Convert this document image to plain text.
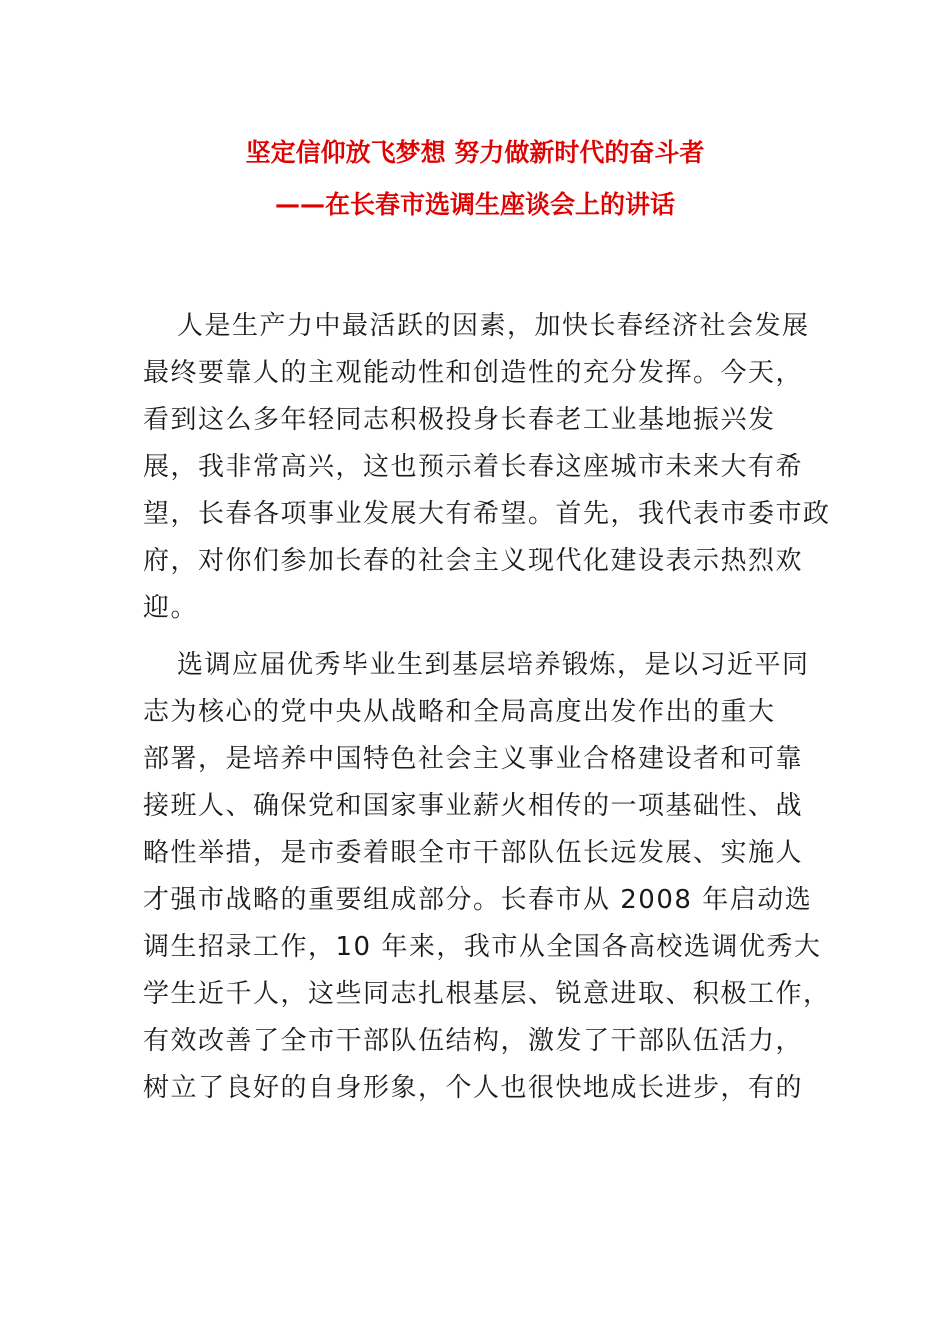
坚定信仰放飞梦想 努力做新时代的奋斗者
——在长春市选调生座谈会上的讲话
人是生产力中最活跃的因素，加快长春经济社会发展
最终要靠人的主观能动性和创造性的充分发挥。今天，
看到这么多年轻同志积极投身长春老工业基地振兴发
展，我非常高兴，这也预示着长春这座城市未来大有希
望，长春各项事业发展大有希望。首先，我代表市委市政
府，对你们参加长春的社会主义现代化建设表示热烈欢
迎。
选调应届优秀毕业生到基层培养锻炼，是以习近平同
志为核心的党中央从战略和全局高度出发作出的重大
部署，是培养中国特色社会主义事业合格建设者和可靠
接班人、确保党和国家事业薪火相传的一项基础性、战
略性举措，是市委着眼全市干部队伍长远发展、实施人
才强市战略的重要组成部分。长春市从 2008 年启动选
调生招录工作，10 年来，我市从全国各高校选调优秀大
学生近千人，这些同志扎根基层、锐意进取、积极工作，
有效改善了全市干部队伍结构，激发了干部队伍活力，
树立了良好的自身形象，个人也很快地成长进步，有的
